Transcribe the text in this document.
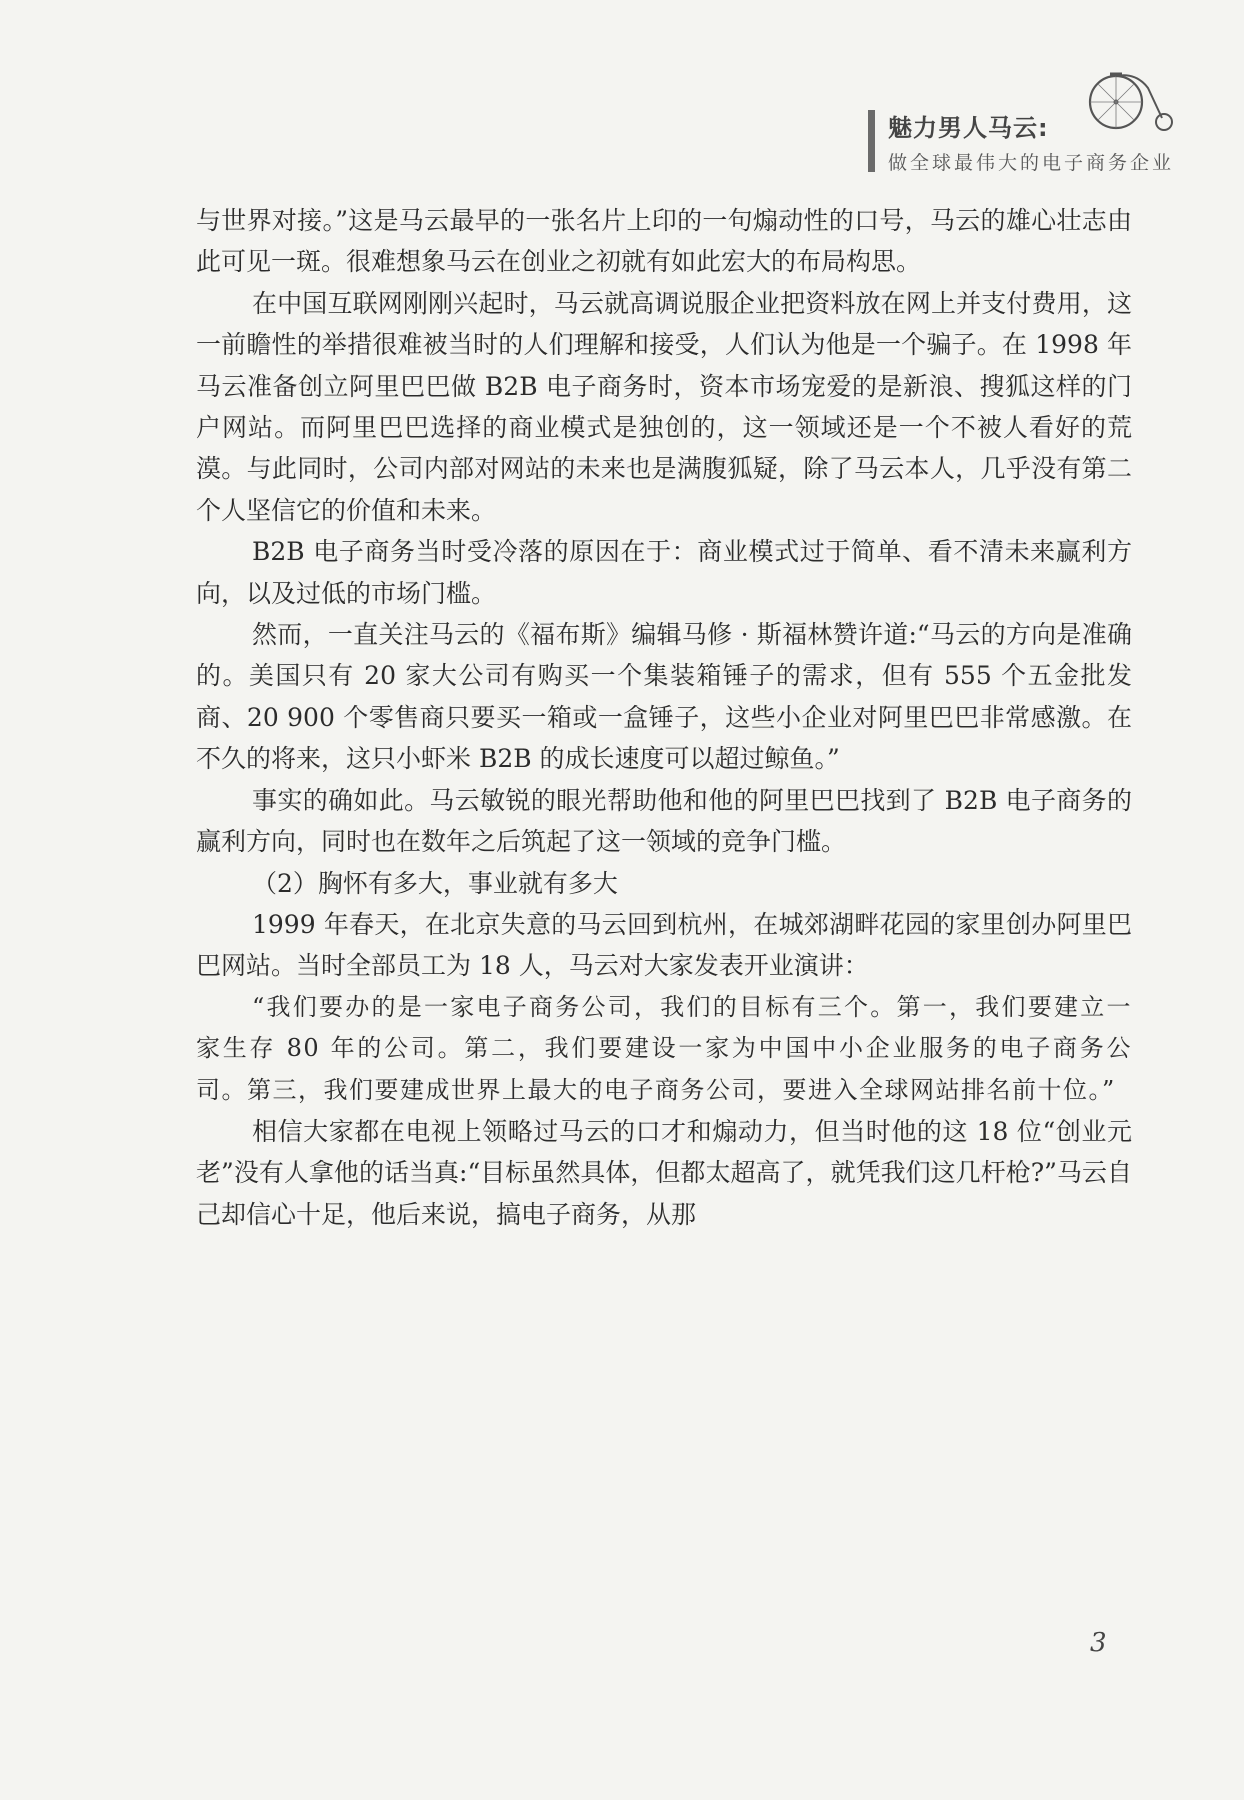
魅力男人马云:
做全球最伟大的电子商务企业

与世界对接。”这是马云最早的一张名片上印的一句煽动性的口号，马云的雄心壮志由此可见一斑。很难想象马云在创业之初就有如此宏大的布局构思。

在中国互联网刚刚兴起时，马云就高调说服企业把资料放在网上并支付费用，这一前瞻性的举措很难被当时的人们理解和接受，人们认为他是一个骗子。在 1998 年马云准备创立阿里巴巴做 B2B 电子商务时，资本市场宠爱的是新浪、搜狐这样的门户网站。而阿里巴巴选择的商业模式是独创的，这一领域还是一个不被人看好的荒漠。与此同时，公司内部对网站的未来也是满腹狐疑，除了马云本人，几乎没有第二个人坚信它的价值和未来。

B2B 电子商务当时受冷落的原因在于：商业模式过于简单、看不清未来赢利方向，以及过低的市场门槛。

然而，一直关注马云的《福布斯》编辑马修 · 斯福林赞许道:“马云的方向是准确的。美国只有 20 家大公司有购买一个集装箱锤子的需求，但有 555 个五金批发商、20 900 个零售商只要买一箱或一盒锤子，这些小企业对阿里巴巴非常感激。在不久的将来，这只小虾米 B2B 的成长速度可以超过鲸鱼。”

事实的确如此。马云敏锐的眼光帮助他和他的阿里巴巴找到了 B2B 电子商务的赢利方向，同时也在数年之后筑起了这一领域的竞争门槛。

（2）胸怀有多大，事业就有多大

1999 年春天，在北京失意的马云回到杭州，在城郊湖畔花园的家里创办阿里巴巴网站。当时全部员工为 18 人，马云对大家发表开业演讲：

“我们要办的是一家电子商务公司，我们的目标有三个。第一，我们要建立一家生存 80 年的公司。第二，我们要建设一家为中国中小企业服务的电子商务公司。第三，我们要建成世界上最大的电子商务公司，要进入全球网站排名前十位。”

相信大家都在电视上领略过马云的口才和煽动力，但当时他的这 18 位“创业元老”没有人拿他的话当真:“目标虽然具体，但都太超高了，就凭我们这几杆枪?”马云自己却信心十足，他后来说，搞电子商务，从那

3
